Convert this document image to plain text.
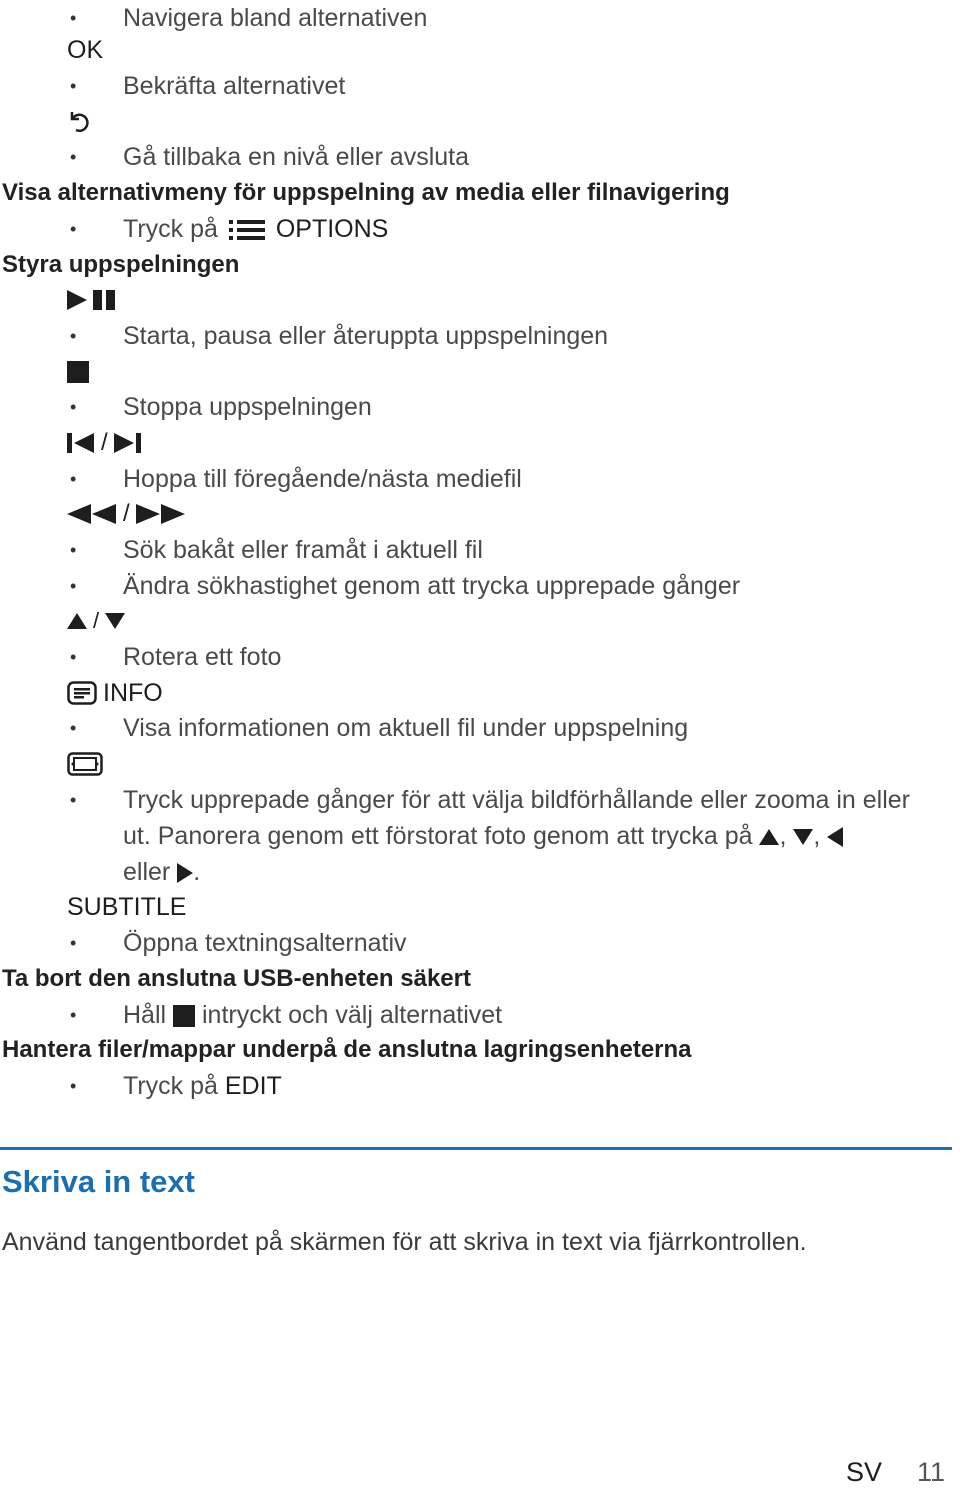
• Navigera bland alternativen
OK
• Bekräfta alternativet
• Gå tillbaka en nivå eller avsluta
Visa alternativmeny för uppspelning av media eller filnavigering
• Tryck på OPTIONS
Styra uppspelningen
• Starta, pausa eller återuppta uppspelningen
• Stoppa uppspelningen
/
• Hoppa till föregående/nästa mediefil
/
• Sök bakåt eller framåt i aktuell fil
• Ändra sökhastighet genom att trycka upprepade gånger
/
• Rotera ett foto
INFO
• Visa informationen om aktuell fil under uppspelning
• Tryck upprepade gånger för att välja bildförhållande eller zooma in eller
ut. Panorera genom ett förstorat foto genom att trycka på , ,
eller .
SUBTITLE
• Öppna textningsalternativ
Ta bort den anslutna USB-enheten säkert
• Håll intryckt och välj alternativet
Hantera filer/mappar underpå de anslutna lagringsenheterna
• Tryck på EDIT
Skriva in text
Använd tangentbordet på skärmen för att skriva in text via fjärrkontrollen.
SV 11
